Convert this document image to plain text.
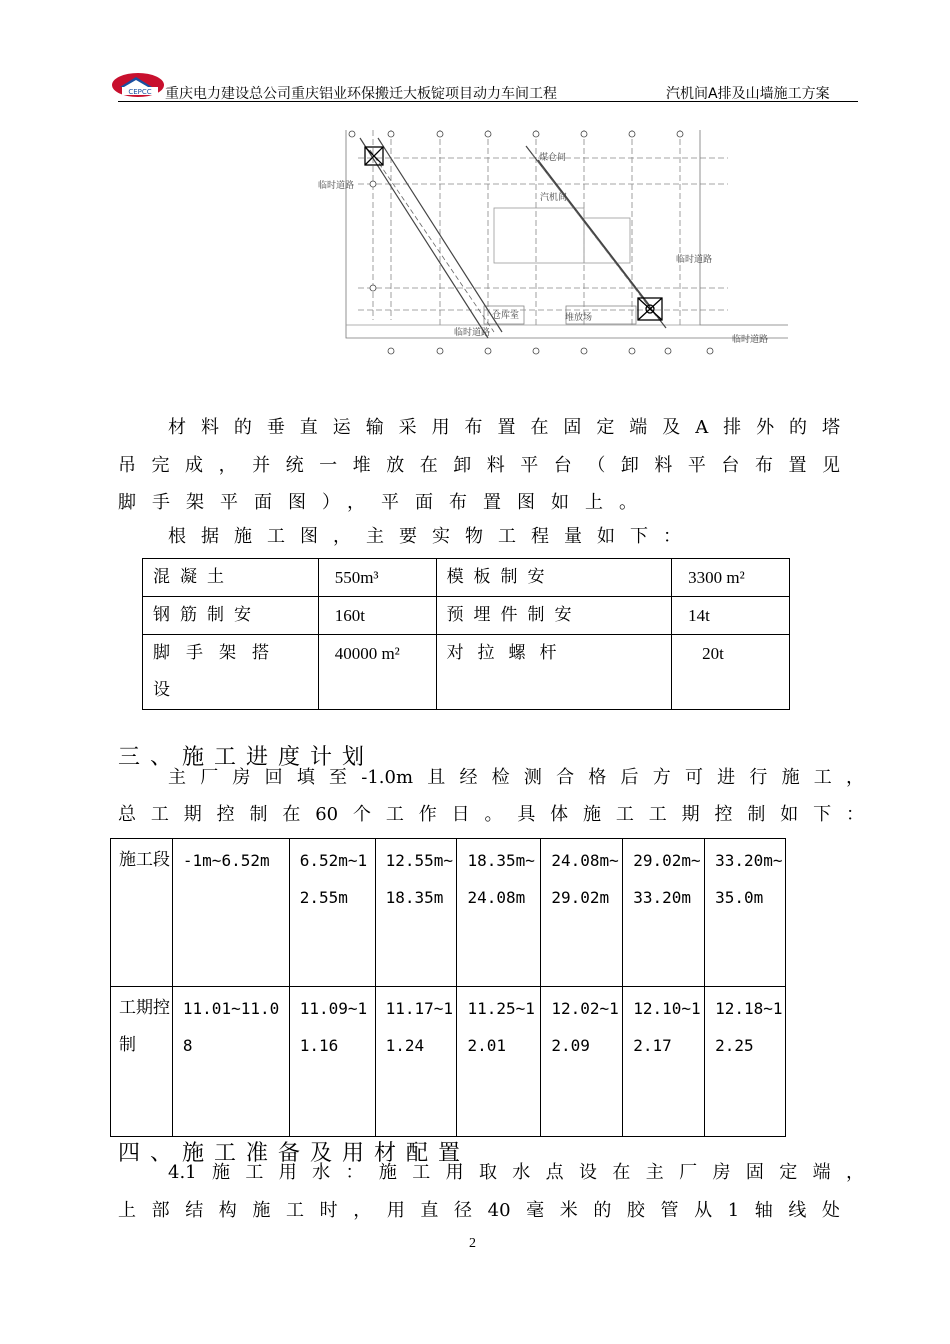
CEPCC 重庆电力建设总公司重庆铝业环保搬迁大板锭项目动力车间工程	汽机间A排及山墙施工方案
煤仓间
汽机间
临时道路
临时道路
临时道路
临时道路
仓库室	堆放场
材料的垂直运输采用布置在固定端及A排外的塔
吊完成，并统一堆放在卸料平台（卸料平台布置见
脚手架平面图），平面布置图如上。
根据施工图，主要实物工程量如下：
混凝土	550m³	模板制安	3300 m²
钢筋制安	160t	预埋件制安	14t
脚手架搭设	40000 m²	对拉螺杆	20t
三、施工进度计划
主厂房回填至-1.0m且经检测合格后方可进行施工，
总工期控制在60个工作日。具体施工工期控制如下：
施工段	-1m~6.52m	6.52m~12.55m	12.55m~18.35m	18.35m~24.08m	24.08m~29.02m	29.02m~33.20m	33.20m~35.0m
工期控制	11.01~11.08	11.09~11.16	11.17~11.24	11.25~12.01	12.02~12.09	12.10~12.17	12.18~12.25
四、施工准备及用材配置
4.1施工用水：施工用取水点设在主厂房固定端，
上部结构施工时，用直径40毫米的胶管从1轴线处
2
